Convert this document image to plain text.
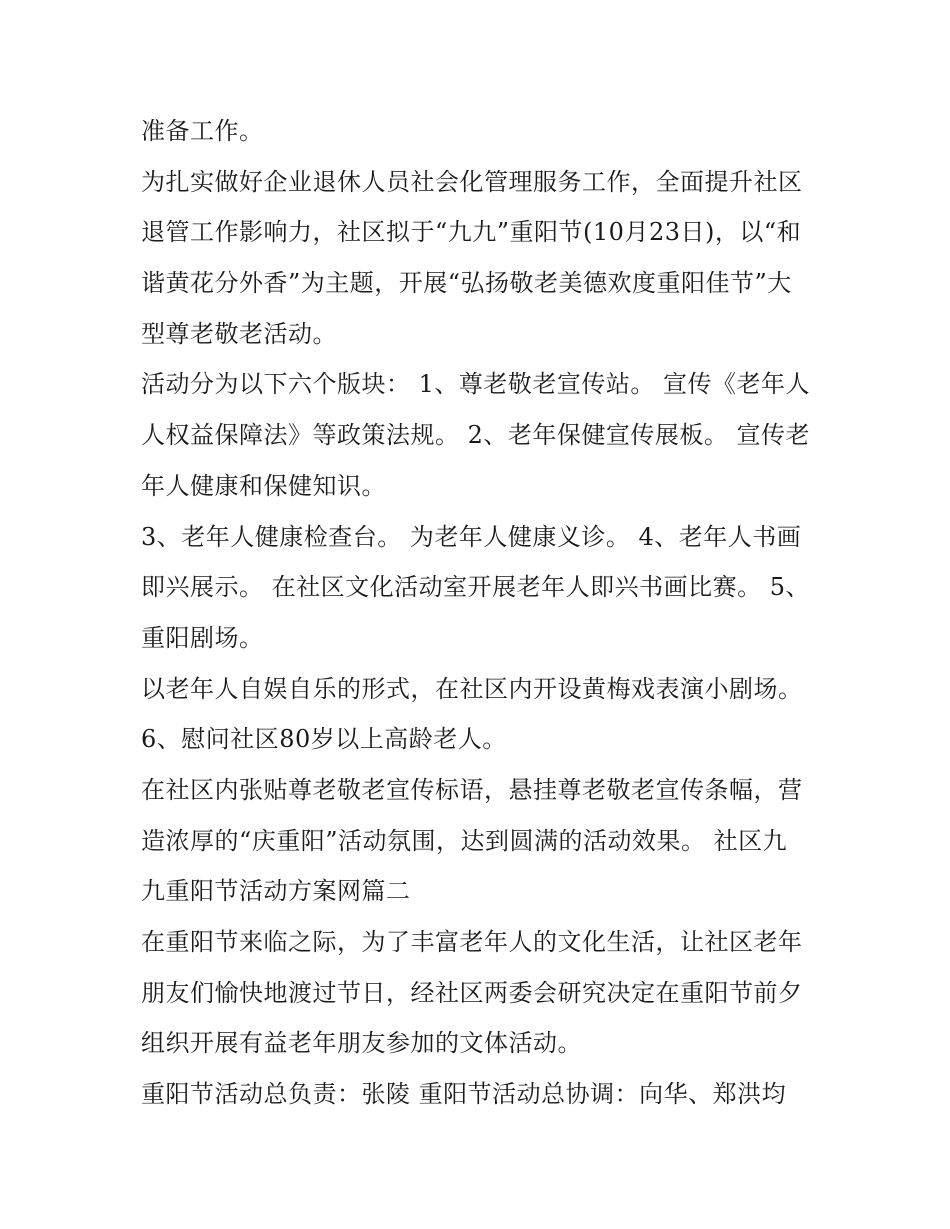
准备工作。
为扎实做好企业退休人员社会化管理服务工作，全面提升社区
退管工作影响力，社区拟于“九九”重阳节(10月23日)，以“和
谐黄花分外香”为主题，开展“弘扬敬老美德欢度重阳佳节”大
型尊老敬老活动。
活动分为以下六个版块： 1、尊老敬老宣传站。 宣传《老年人
人权益保障法》等政策法规。 2、老年保健宣传展板。 宣传老
年人健康和保健知识。
3、老年人健康检查台。 为老年人健康义诊。 4、老年人书画
即兴展示。 在社区文化活动室开展老年人即兴书画比赛。 5、
重阳剧场。
以老年人自娱自乐的形式，在社区内开设黄梅戏表演小剧场。
6、慰问社区80岁以上高龄老人。
在社区内张贴尊老敬老宣传标语，悬挂尊老敬老宣传条幅，营
造浓厚的“庆重阳”活动氛围，达到圆满的活动效果。 社区九
九重阳节活动方案网篇二
在重阳节来临之际，为了丰富老年人的文化生活，让社区老年
朋友们愉快地渡过节日，经社区两委会研究决定在重阳节前夕
组织开展有益老年朋友参加的文体活动。
重阳节活动总负责：张陵 重阳节活动总协调：向华、郑洪均
